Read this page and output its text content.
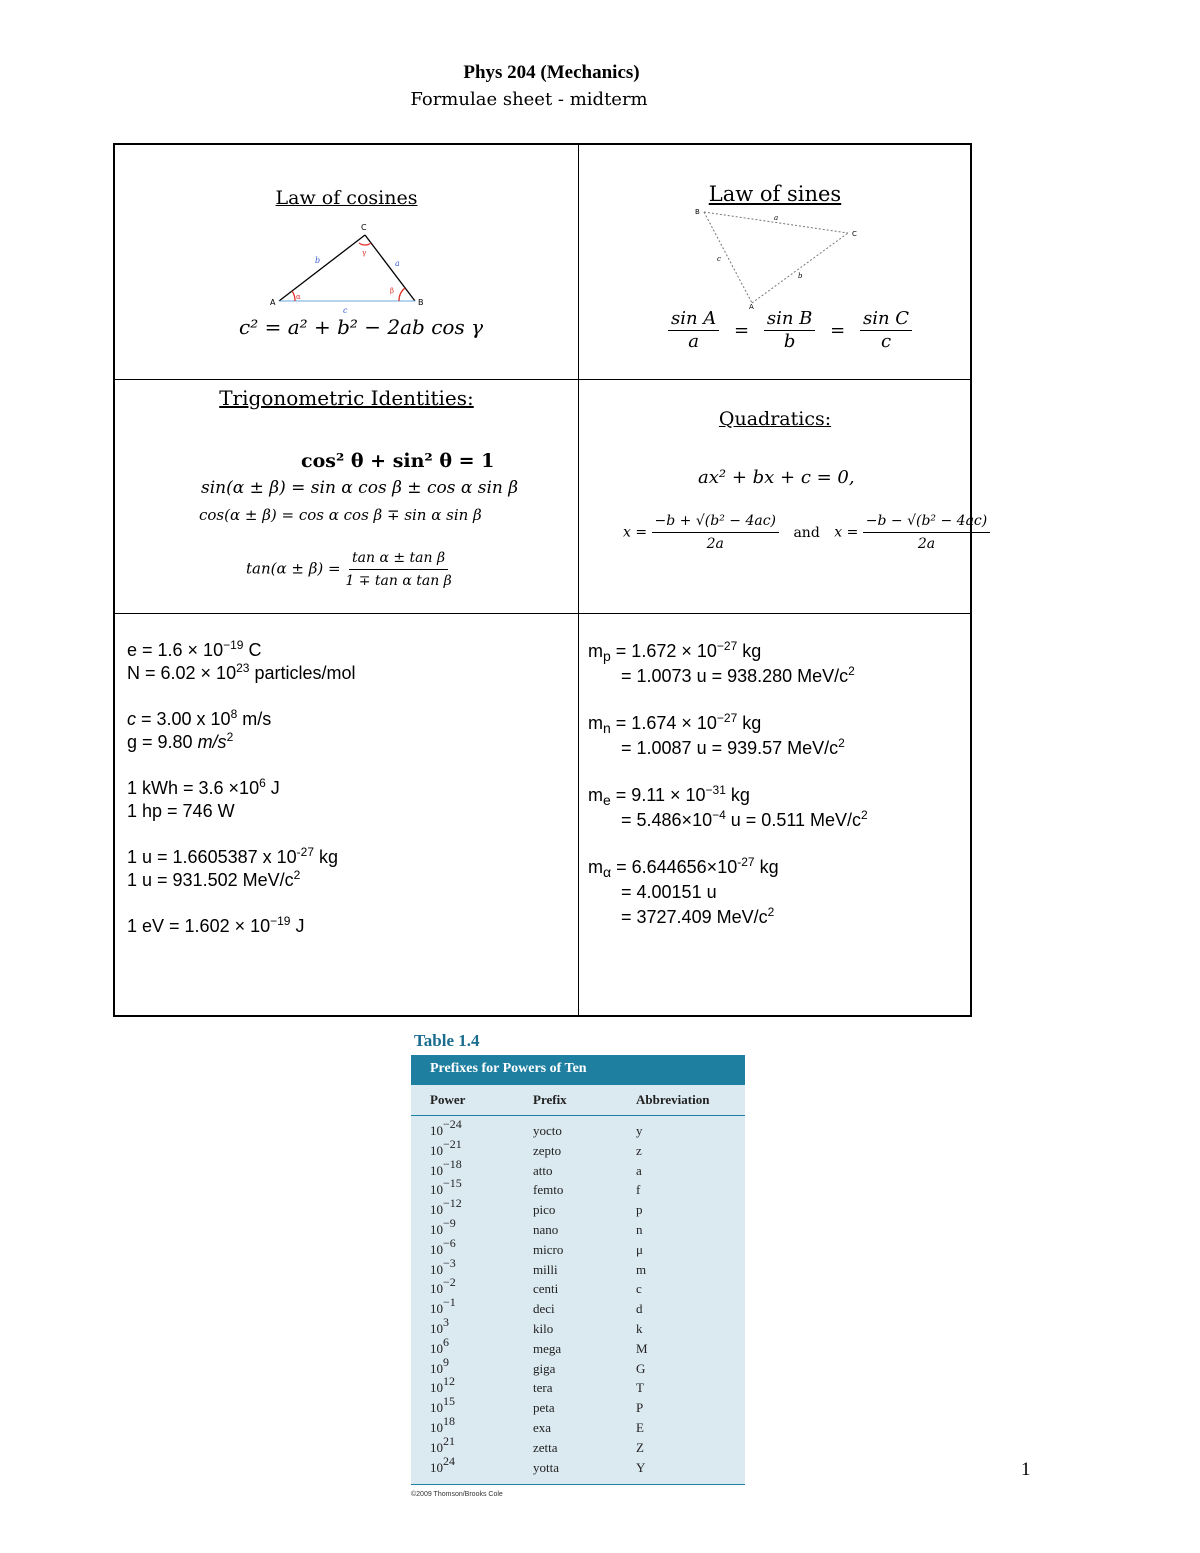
Phys 204 (Mechanics)
Formulae sheet - midterm
Law of cosines
A	B
C
b	a
c
α
β
γ
c² = a² + b² − 2ab cos γ
Law of sines
B
C
A
a
c
b
$\frac{\text{sin A}}{a} = \frac{\text{sin B}}{b} = \frac{\text{sin C}}{c}$
Trigonometric Identities:
cos² θ + sin² θ = 1
sin(α ± β) = sin α cos β ± cos α sin β
cos(α ± β) = cos α cos β ∓ sin α sin β
$\tan(\alpha \pm \beta) = \frac{\text{tan α ± tan β}}{\text{1 ∓ tan α tan β}}$
Quadratics:
ax² + bx + c = 0,
$x = \frac{\text{−b + √(b² − 4ac)}}{2a}$ and $x = \frac{\text{−b − √(b² − 4ac)}}{2a}$

$e = 1.6 \times 10^{-19}$ C

$N = 6.02 \times 10^{23}$ particles/mol

c = 3.00 x $10^8$ m/s

g = 9.80 $m/s^2$

1 kWh = $3.6 \times 10^6$ J

1 hp = 746 W

1 u = 1.6605387 x $10^{-27}$ kg

1 u = 931.502 MeV/$c^2$

1 eV = $1.602 \times 10^{-19}$ J

$m_p = 1.672 \times 10^{-27}$ kg

= 1.0073 u = 938.280 MeV/$c^2$

$m_n = 1.674 \times 10^{-27}$ kg

= 1.0087 u = 939.57 MeV/$c^2$

$m_e = 9.11 \times 10^{-31}$ kg

= $5.486\times 10^{-4}$ u = 0.511 MeV/$c^2$

$m_\alpha = 6.644656\times 10^{-27}$ kg

= 4.00151 u

= 3727.409 MeV/$c^2$

Table 1.4
Prefixes for Powers of Ten
Power	Prefix	Abbreviation
$10^{-24}$	yocto	y
$10^{-21}$	zepto	z
$10^{-18}$	atto	a
$10^{-15}$	femto	f
$10^{-12}$	pico	p
$10^{-9}$	nano	n
$10^{-6}$	micro	μ
$10^{-3}$	milli	m
$10^{-2}$	centi	c
$10^{-1}$	deci	d
$10^3$	kilo	k
$10^6$	mega	M
$10^9$	giga	G
$10^{12}$	tera	T
$10^{15}$	peta	P
$10^{18}$	exa	E
$10^{21}$	zetta	Z
$10^{24}$	yotta	Y
©2009 Thomson/Brooks Cole
1
